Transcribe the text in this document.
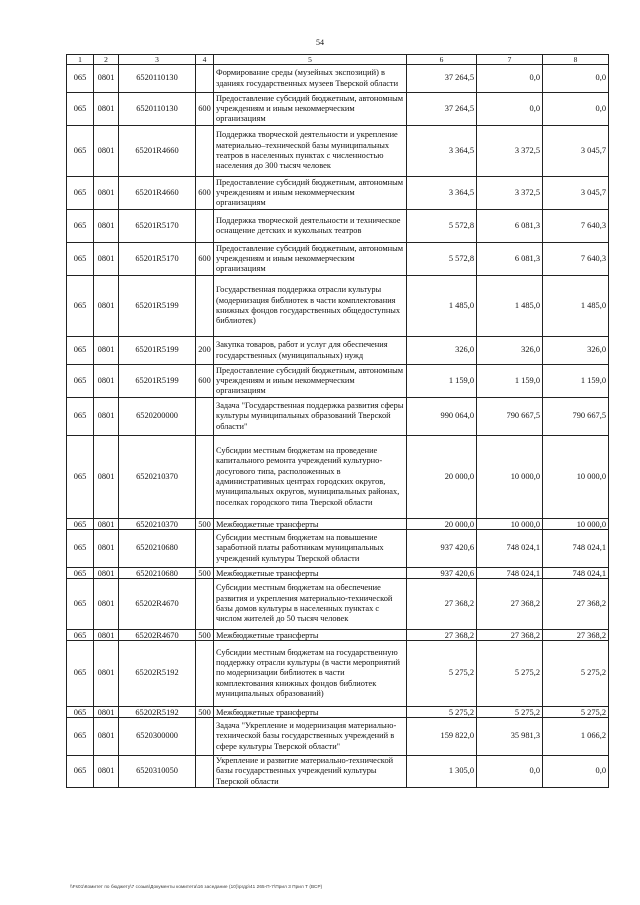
54
1	2	3	4	5	6	7	8
065	0801	6520110130		Формирование среды (музейных экспозиций) в зданиях государственных музеев Тверской области	37 264,5	0,0	0,0
065	0801	6520110130	600	Предоставление субсидий бюджетным, автономным учреждениям и иным некоммерческим организациям	37 264,5	0,0	0,0
065	0801	65201R4660		Поддержка творческой деятельности и укрепление материально–технической базы муниципальных театров в населенных пунктах с численностью населения до 300 тысяч человек	3 364,5	3 372,5	3 045,7
065	0801	65201R4660	600	Предоставление субсидий бюджетным, автономным учреждениям и иным некоммерческим организациям	3 364,5	3 372,5	3 045,7
065	0801	65201R5170		Поддержка творческой деятельности и техническое оснащение детских и кукольных театров	5 572,8	6 081,3	7 640,3
065	0801	65201R5170	600	Предоставление субсидий бюджетным, автономным учреждениям и иным некоммерческим организациям	5 572,8	6 081,3	7 640,3
065	0801	65201R5199		Государственная поддержка отрасли культуры (модернизация библиотек в части комплектования книжных фондов государственных общедоступных библиотек)	1 485,0	1 485,0	1 485,0
065	0801	65201R5199	200	Закупка товаров, работ и услуг для обеспечения государственных (муниципальных) нужд	326,0	326,0	326,0
065	0801	65201R5199	600	Предоставление субсидий бюджетным, автономным учреждениям и иным некоммерческим организациям	1 159,0	1 159,0	1 159,0
065	0801	6520200000		Задача "Государственная поддержка развития сферы культуры муниципальных образований Тверской области"	990 064,0	790 667,5	790 667,5
065	0801	6520210370		Субсидии местным бюджетам на проведение капитального ремонта учреждений культурно-досугового типа, расположенных в административных центрах городских округов, муниципальных округов, муниципальных районах, поселках городского типа Тверской области	20 000,0	10 000,0	10 000,0
065	0801	6520210370	500	Межбюджетные трансферты	20 000,0	10 000,0	10 000,0
065	0801	6520210680		Субсидии местным бюджетам на повышение заработной платы работникам муниципальных учреждений культуры Тверской области	937 420,6	748 024,1	748 024,1
065	0801	6520210680	500	Межбюджетные трансферты	937 420,6	748 024,1	748 024,1
065	0801	65202R4670		Субсидии местным бюджетам на обеспечение развития и укрепления материально-технической базы домов культуры в населенных пунктах с числом жителей до 50 тысяч человек	27 368,2	27 368,2	27 368,2
065	0801	65202R4670	500	Межбюджетные трансферты	27 368,2	27 368,2	27 368,2
065	0801	65202R5192		Субсидии местным бюджетам на государственную поддержку отрасли культуры (в части мероприятий по модернизации библиотек в части комплектования книжных фондов библиотек муниципальных образований)	5 275,2	5 275,2	5 275,2
065	0801	65202R5192	500	Межбюджетные трансферты	5 275,2	5 275,2	5 275,2
065	0801	6520300000		Задача "Укрепление и модернизация материально-технической базы государственных учреждений в сфере культуры Тверской области"	159 822,0	35 981,3	1 066,2
065	0801	6520310050		Укрепление и развитие материально-технической базы государственных учреждений культуры Тверской области	1 305,0	0,0	0,0
\\Fs01\Комитет по бюджету\7 созыв\Документы комитета\16 заседание (10)\ргдр\41 265-П-7\Прил 3 Прил Т (ВСР)
